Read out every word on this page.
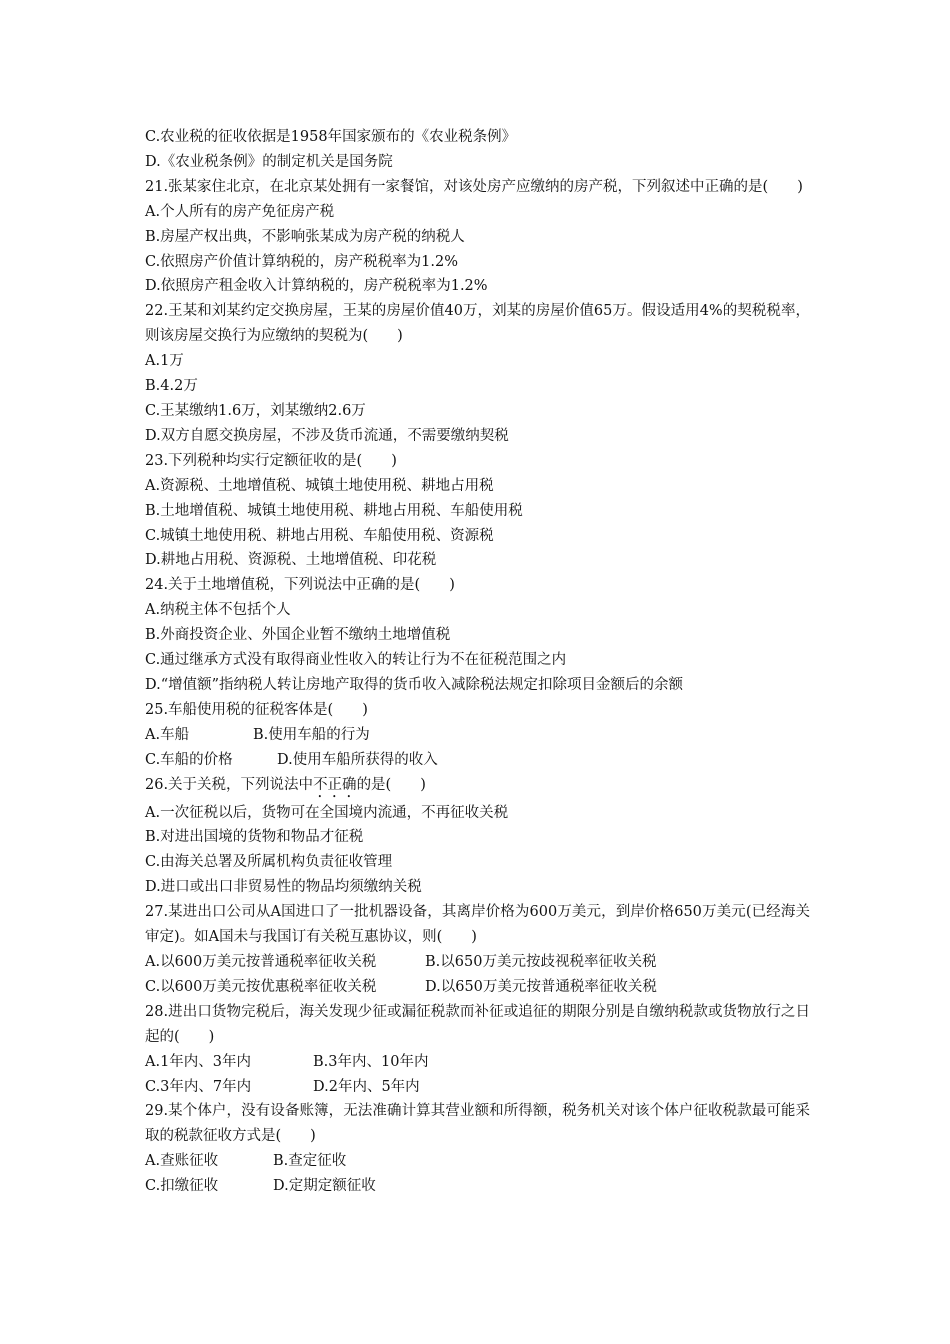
C.农业税的征收依据是1958年国家颁布的《农业税条例》
D.《农业税条例》的制定机关是国务院
21.张某家住北京，在北京某处拥有一家餐馆，对该处房产应缴纳的房产税，下列叙述中正确的是(　　)
A.个人所有的房产免征房产税
B.房屋产权出典，不影响张某成为房产税的纳税人
C.依照房产价值计算纳税的，房产税税率为1.2%
D.依照房产租金收入计算纳税的，房产税税率为1.2%
22.王某和刘某约定交换房屋，王某的房屋价值40万，刘某的房屋价值65万。假设适用4%的契税税率，则该房屋交换行为应缴纳的契税为(　　)
A.1万
B.4.2万
C.王某缴纳1.6万，刘某缴纳2.6万
D.双方自愿交换房屋，不涉及货币流通，不需要缴纳契税
23.下列税种均实行定额征收的是(　　)
A.资源税、土地增值税、城镇土地使用税、耕地占用税
B.土地增值税、城镇土地使用税、耕地占用税、车船使用税
C.城镇土地使用税、耕地占用税、车船使用税、资源税
D.耕地占用税、资源税、土地增值税、印花税
24.关于土地增值税，下列说法中正确的是(　　)
A.纳税主体不包括个人
B.外商投资企业、外国企业暂不缴纳土地增值税
C.通过继承方式没有取得商业性收入的转让行为不在征税范围之内
D.“增值额”指纳税人转让房地产取得的货币收入减除税法规定扣除项目金额后的余额
25.车船使用税的征税客体是(　　)
A.车船	B.使用车船的行为
C.车船的价格	D.使用车船所获得的收入
26.关于关税，下列说法中不正确的是(　　)
A.一次征税以后，货物可在全国境内流通，不再征收关税
B.对进出国境的货物和物品才征税
C.由海关总署及所属机构负责征收管理
D.进口或出口非贸易性的物品均须缴纳关税
27.某进出口公司从A国进口了一批机器设备，其离岸价格为600万美元，到岸价格650万美元(已经海关审定)。如A国未与我国订有关税互惠协议，则(　　)
A.以600万美元按普通税率征收关税	B.以650万美元按歧视税率征收关税
C.以600万美元按优惠税率征收关税	D.以650万美元按普通税率征收关税
28.进出口货物完税后，海关发现少征或漏征税款而补征或追征的期限分别是自缴纳税款或货物放行之日起的(　　)
A.1年内、3年内	B.3年内、10年内
C.3年内、7年内	D.2年内、5年内
29.某个体户，没有设备账簿，无法准确计算其营业额和所得额，税务机关对该个体户征收税款最可能采取的税款征收方式是(　　)
A.查账征收	B.查定征收
C.扣缴征收	D.定期定额征收
